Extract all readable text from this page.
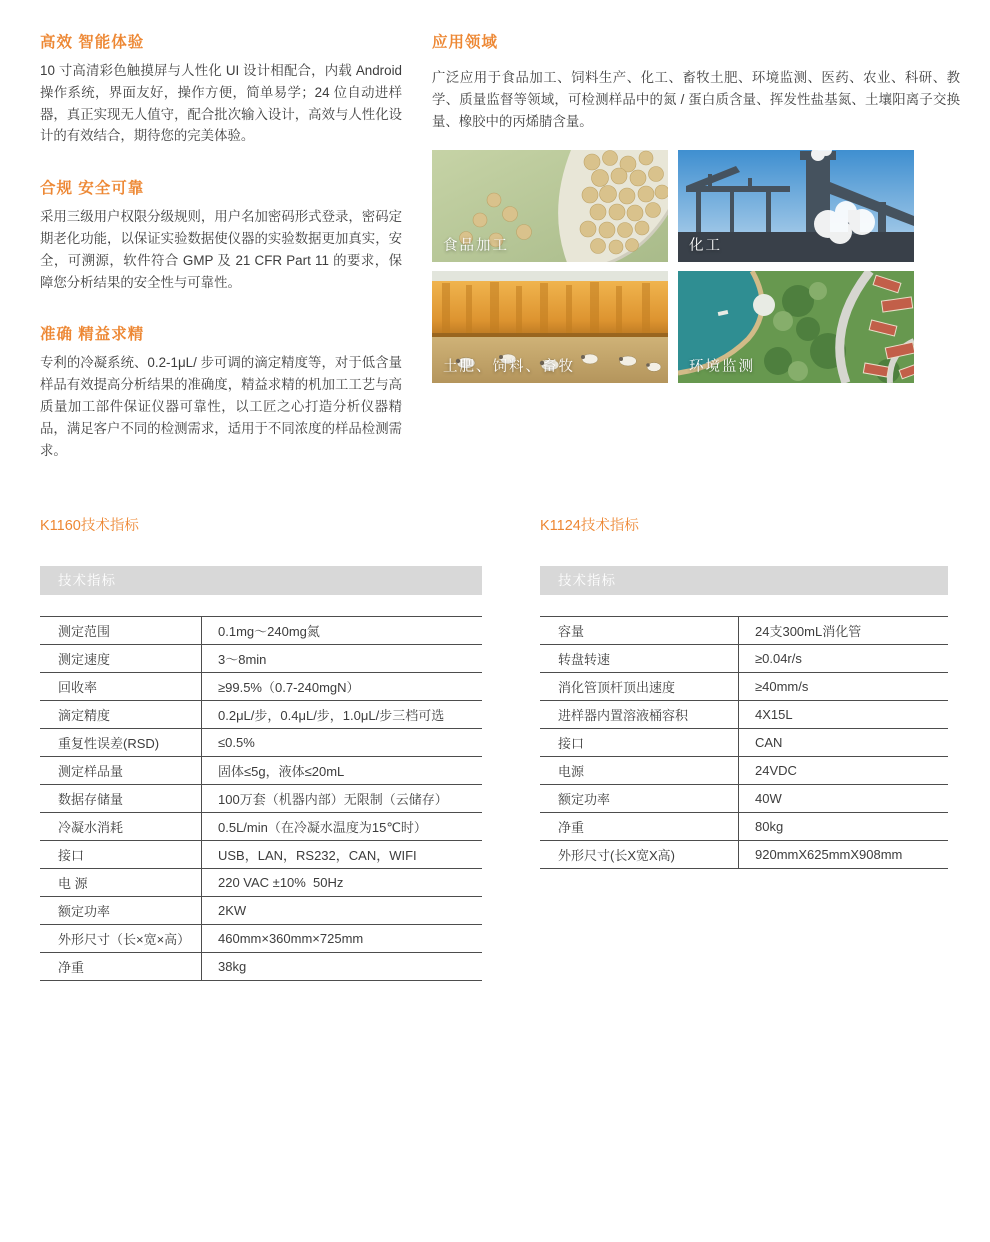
高效 智能体验

10 寸高清彩色触摸屏与人性化 UI 设计相配合，内载 Android 操作系统，界面友好，操作方便，简单易学；24 位自动进样器，真正实现无人值守，配合批次输入设计，高效与人性化设计的有效结合，期待您的完美体验。

合规 安全可靠

采用三级用户权限分级规则，用户名加密码形式登录，密码定期老化功能，以保证实验数据使仪器的实验数据更加真实，安全，可溯源，软件符合 GMP 及 21 CFR Part 11 的要求，保障您分析结果的安全性与可靠性。

准确 精益求精

专利的冷凝系统、0.2-1μL/ 步可调的滴定精度等，对于低含量样品有效提高分析结果的准确度，精益求精的机加工工艺与高质量加工部件保证仪器可靠性，以工匠之心打造分析仪器精品，满足客户不同的检测需求，适用于不同浓度的样品检测需求。

应用领域

广泛应用于食品加工、饲料生产、化工、畜牧土肥、环境监测、医药、农业、科研、教学、质量监督等领域，可检测样品中的氮 / 蛋白质含量、挥发性盐基氮、土壤阳离子交换量、橡胶中的丙烯腈含量。

食品加工	化工
土肥、饲料、畜牧	环境监测
K1160技术指标
技术指标
测定范围	0.1mg～240mg氮
测定速度	3～8min
回收率	≥99.5%（0.7-240mgN）
滴定精度	0.2μL/步，0.4μL/步，1.0μL/步三档可选
重复性误差(RSD)	≤0.5%
测定样品量	固体≤5g，液体≤20mL
数据存储量	100万套（机器内部）无限制（云储存）
冷凝水消耗	0.5L/min（在冷凝水温度为15℃时）
接口	USB，LAN，RS232，CAN，WIFI
电 源	220 VAC ±10%  50Hz
额定功率	2KW
外形尺寸（长×宽×高）	460mm×360mm×725mm
净重	38kg
K1124技术指标
技术指标
容量	24支300mL消化管
转盘转速	≥0.04r/s
消化管顶杆顶出速度	≥40mm/s
进样器内置溶液桶容积	4X15L
接口	CAN
电源	24VDC
额定功率	40W
净重	80kg
外形尺寸(长X宽X高)	920mmX625mmX908mm
